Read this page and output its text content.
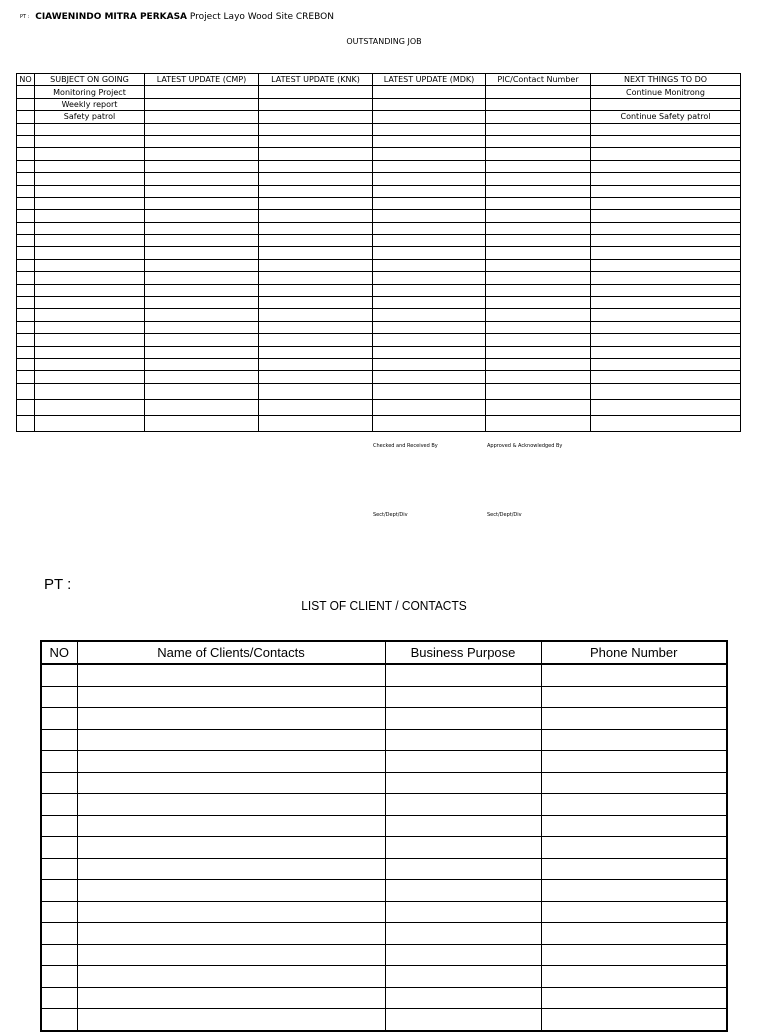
PT : CIAWENINDO MITRA PERKASA Project Layo Wood Site CREBON
OUTSTANDING JOB
NO	SUBJECT ON GOING	LATEST UPDATE (CMP)	LATEST UPDATE (KNK)	LATEST UPDATE (MDK)	PIC/Contact Number	NEXT THINGS TO DO
	Monitoring Project					Continue Monitrong
	Weekly report					
	Safety patrol					Continue Safety patrol

Checked and Received By	Approved & Acknowledged By
Sect/Dept/Div	Sect/Dept/Div
PT :
LIST OF CLIENT / CONTACTS
NO	Name of Clients/Contacts	Business Purpose	Phone Number
